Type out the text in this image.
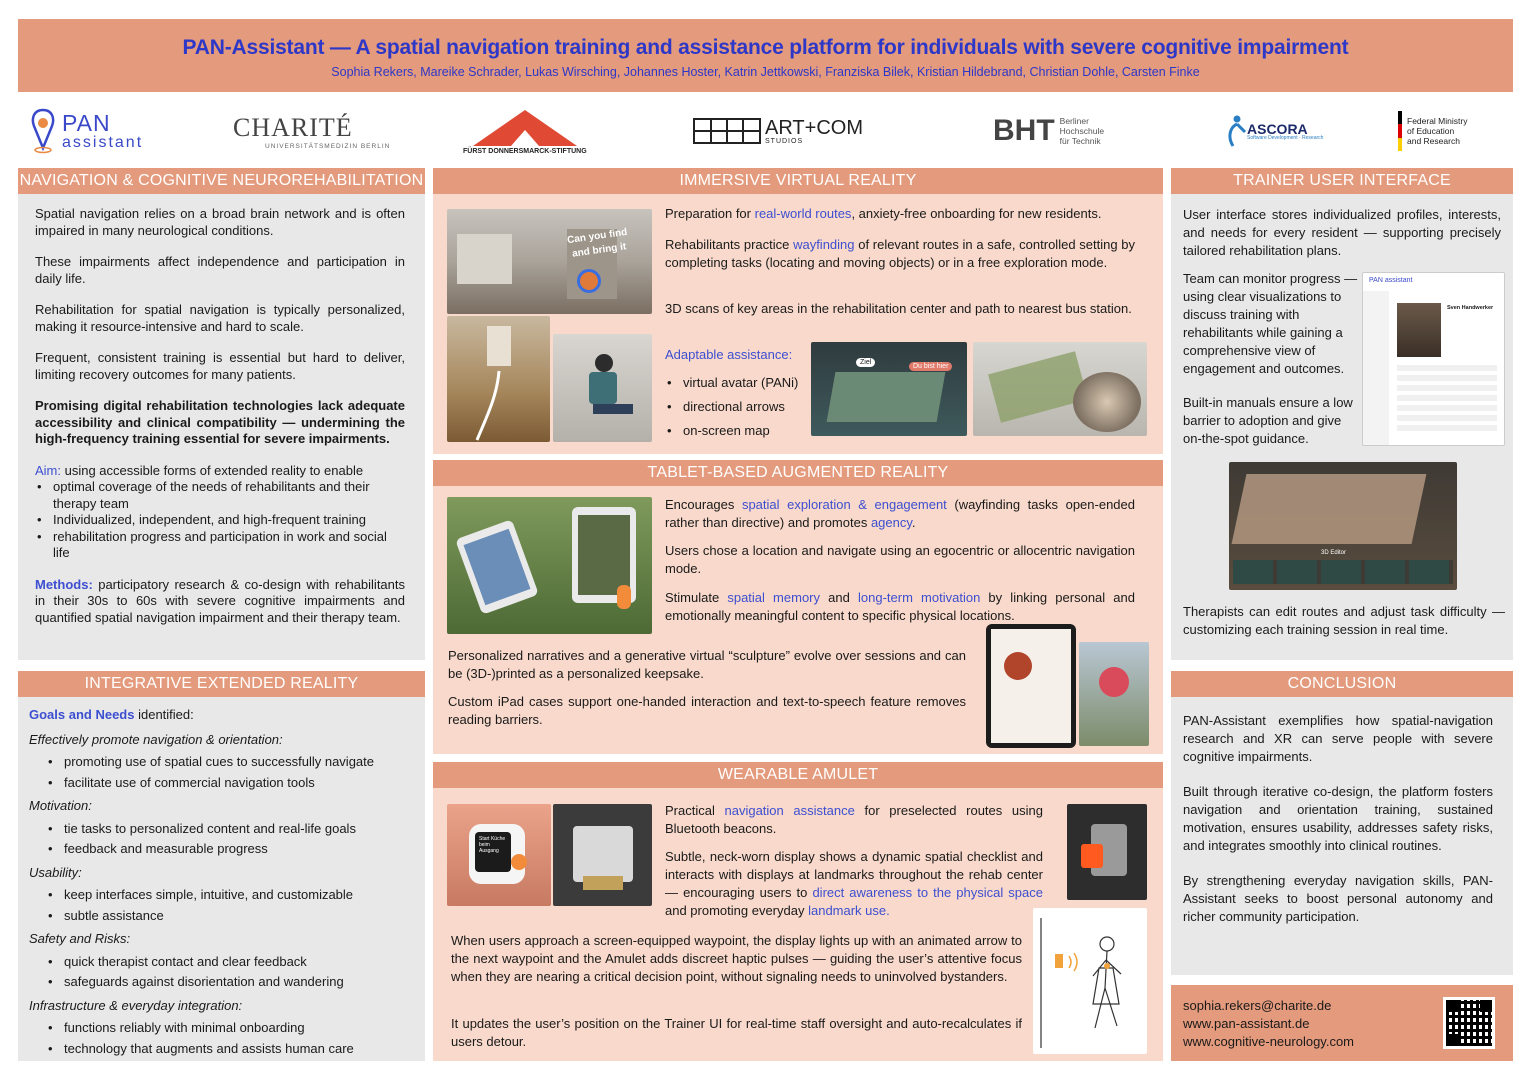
PAN-Assistant — A spatial navigation training and assistance platform for individuals with severe cognitive impairment
Sophia Rekers, Mareike Schrader, Lukas Wirsching, Johannes Hoster, Katrin Jettkowski, Franziska Bilek, Kristian Hildebrand, Christian Dohle, Carsten Finke
PAN
assistant
CHARITÉ
UNIVERSITÄTSMEDIZIN BERLIN
FÜRST DONNERSMARCK-STIFTUNG
ART+COM
STUDIOS	BHT Berliner
Hochschule
für Technik
ASCORA
Software Development · Research
Federal Ministry
of Education
and Research
NAVIGATION & COGNITIVE NEUROREHABILITATION
Spatial navigation relies on a broad brain network and is often impaired in many neurological conditions.
These impairments affect independence and participation in daily life.
Rehabilitation for spatial navigation is typically personalized, making it resource-intensive and hard to scale.
Frequent, consistent training is essential but hard to deliver, limiting recovery outcomes for many patients.
Promising digital rehabilitation technologies lack adequate accessibility and clinical compatibility — undermining the high-frequency training essential for severe impairments.
Aim: using accessible forms of extended reality to enable
• optimal coverage of the needs of rehabilitants and their therapy team
• Individualized, independent, and high-frequent training
• rehabilitation progress and participation in work and social life
Methods: participatory research & co-design with rehabilitants in their 30s to 60s with severe cognitive impairments and quantified spatial navigation impairment and their therapy team.
INTEGRATIVE EXTENDED REALITY
Goals and Needs identified:
Effectively promote navigation & orientation:
• promoting use of spatial cues to successfully navigate
• facilitate use of commercial navigation tools
Motivation:
• tie tasks to personalized content and real-life goals
• feedback and measurable progress
Usability:
• keep interfaces simple, intuitive, and customizable
• subtle assistance
Safety and Risks:
• quick therapist contact and clear feedback
• safeguards against disorientation and wandering
Infrastructure & everyday integration:
• functions reliably with minimal onboarding
• technology that augments and assists human care
IMMERSIVE VIRTUAL REALITY
Can you find
and bring it
Preparation for real-world routes, anxiety-free onboarding for new residents.
Rehabilitants practice wayfinding of relevant routes in a safe, controlled setting by completing tasks (locating and moving objects) or in a free exploration mode.
3D scans of key areas in the rehabilitation center and path to nearest bus station.
Adaptable assistance:
• virtual avatar (PANi)
• directional arrows
• on-screen map
Ziel
Du bist hier
TABLET-BASED AUGMENTED REALITY
Encourages spatial exploration & engagement (wayfinding tasks open-ended rather than directive) and promotes agency.
Users chose a location and navigate using an egocentric or allocentric navigation mode.
Stimulate spatial memory and long-term motivation by linking personal and emotionally meaningful content to specific physical locations.
Personalized narratives and a generative virtual “sculpture” evolve over sessions and can be (3D-)printed as a personalized keepsake.
Custom iPad cases support one-handed interaction and text-to-speech feature removes reading barriers.
WEARABLE AMULET
Start Küche beim Ausgang
Practical navigation assistance for preselected routes using Bluetooth beacons.
Subtle, neck-worn display shows a dynamic spatial checklist and interacts with displays at landmarks throughout the rehab center — encouraging users to direct awareness to the physical space and promoting everyday landmark use.
When users approach a screen-equipped waypoint, the display lights up with an animated arrow to the next waypoint and the Amulet adds discreet haptic pulses — guiding the user’s attentive focus when they are nearing a critical decision point, without signaling needs to uninvolved bystanders.
It updates the user’s position on the Trainer UI for real-time staff oversight and auto-recalculates if users detour.
TRAINER USER INTERFACE
User interface stores individualized profiles, interests, and needs for every resident — supporting precisely tailored rehabilitation plans.
Team can monitor progress — using clear visualizations to discuss training with rehabilitants while gaining a comprehensive view of engagement and outcomes.
Built-in manuals ensure a low barrier to adoption and give on-the-spot guidance.
PAN assistant
Sven Handwerker
3D Editor
Therapists can edit routes and adjust task difficulty — customizing each training session in real time.
CONCLUSION
PAN-Assistant exemplifies how spatial-navigation research and XR can serve people with severe cognitive impairments.
Built through iterative co-design, the platform fosters navigation and orientation training, sustained motivation, ensures usability, addresses safety risks, and integrates smoothly into clinical routines.
By strengthening everyday navigation skills, PAN-Assistant seeks to boost personal autonomy and richer community participation.
sophia.rekers@charite.de
www.pan-assistant.de
www.cognitive-neurology.com
